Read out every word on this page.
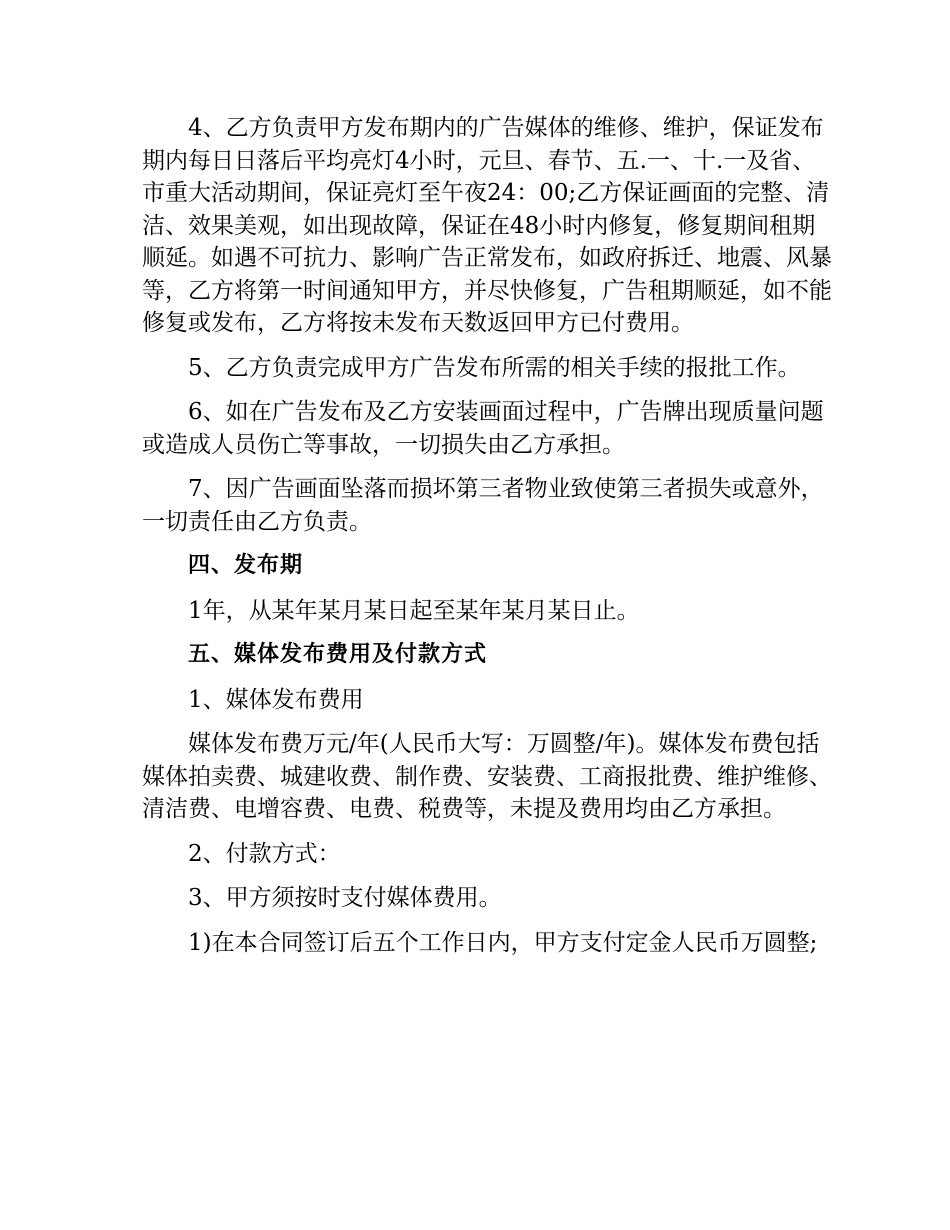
4、乙方负责甲方发布期内的广告媒体的维修、维护，保证发布期内每日日落后平均亮灯4小时，元旦、春节、五.一、十.一及省、市重大活动期间，保证亮灯至午夜24：00;乙方保证画面的完整、清洁、效果美观，如出现故障，保证在48小时内修复，修复期间租期顺延。如遇不可抗力、影响广告正常发布，如政府拆迁、地震、风暴等，乙方将第一时间通知甲方，并尽快修复，广告租期顺延，如不能修复或发布，乙方将按未发布天数返回甲方已付费用。

5、乙方负责完成甲方广告发布所需的相关手续的报批工作。

6、如在广告发布及乙方安装画面过程中，广告牌出现质量问题或造成人员伤亡等事故，一切损失由乙方承担。

7、因广告画面坠落而损坏第三者物业致使第三者损失或意外，一切责任由乙方负责。

四、发布期

1年，从某年某月某日起至某年某月某日止。

五、媒体发布费用及付款方式

1、媒体发布费用

媒体发布费万元/年(人民币大写：万圆整/年)。媒体发布费包括媒体拍卖费、城建收费、制作费、安装费、工商报批费、维护维修、清洁费、电增容费、电费、税费等，未提及费用均由乙方承担。

2、付款方式：

3、甲方须按时支付媒体费用。

1)在本合同签订后五个工作日内，甲方支付定金人民币万圆整;
